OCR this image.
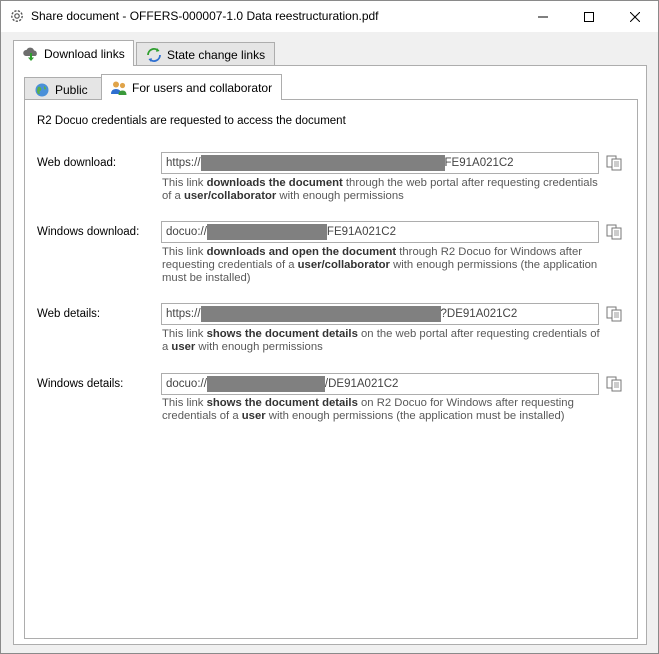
Share document - OFFERS-000007-1.0 Data reestructuration.pdf
Download links	State change links
Public	For users and collaborator
R2 Docuo credentials are requested to access the document
Web download:	https://	FE91A021C2
This link downloads the document through the web portal after requesting credentials of a user/collaborator with enough permissions
Windows download: docuo://	FE91A021C2
This link downloads and open the document through R2 Docuo for Windows after requesting credentials of a user/collaborator with enough permissions (the application must be installed)
Web details:	https://	?DE91A021C2
This link shows the document details on the web portal after requesting credentials of a user with enough permissions
Windows details:	docuo://	/DE91A021C2
This link shows the document details on R2 Docuo for Windows after requesting credentials of a user with enough permissions (the application must be installed)
